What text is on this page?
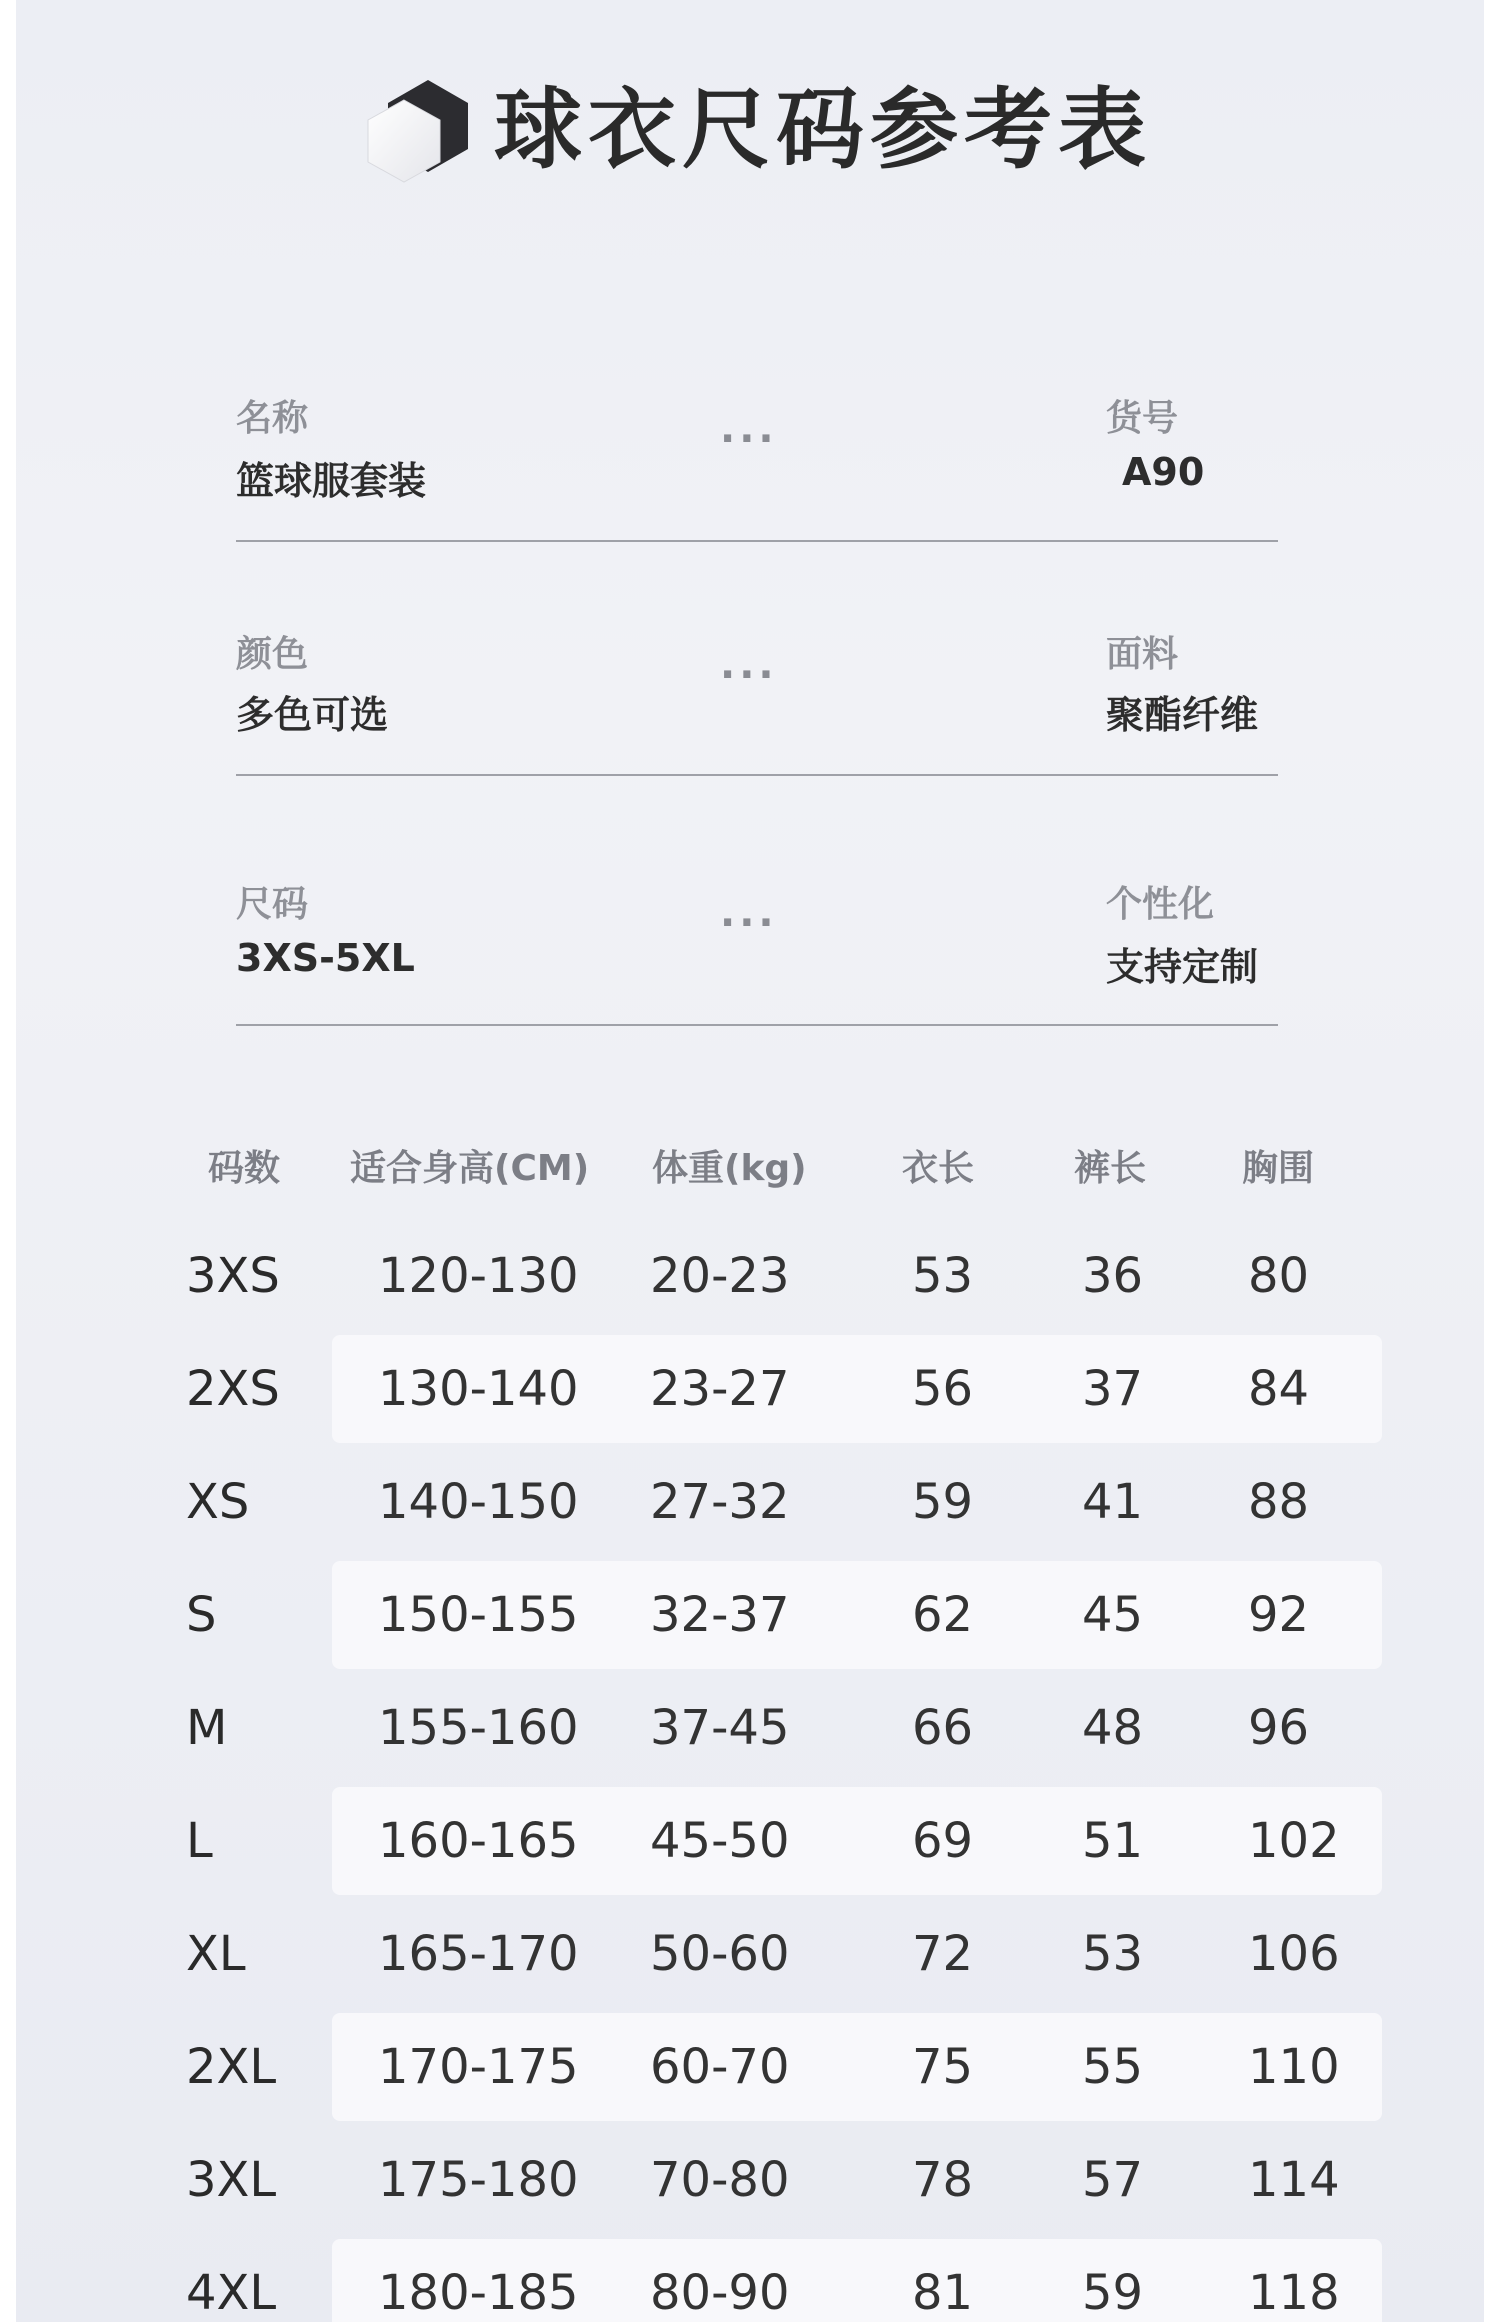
球衣尺码参考表
名称
篮球服套装
···	货号
A90
颜色
多色可选
···	面料
聚酯纤维
尺码
3XS-5XL
···	个性化
支持定制
码数 适合身高(CM) 体重(kg)	衣长	裤长	胸围
3XS 120-130 20-23	53 36 80
2XS 130-140 23-27	56 37 84
XS	140-150 27-32	59 41 88
S	150-155 32-37	62 45 92
M	155-160 37-45	66 48 96
L	160-165 45-50	69 51 102
XL	165-170 50-60	72 53 106
2XL 170-175 60-70	75 55 110
3XL 175-180 70-80	78 57 114
4XL 180-185 80-90	81 59 118
